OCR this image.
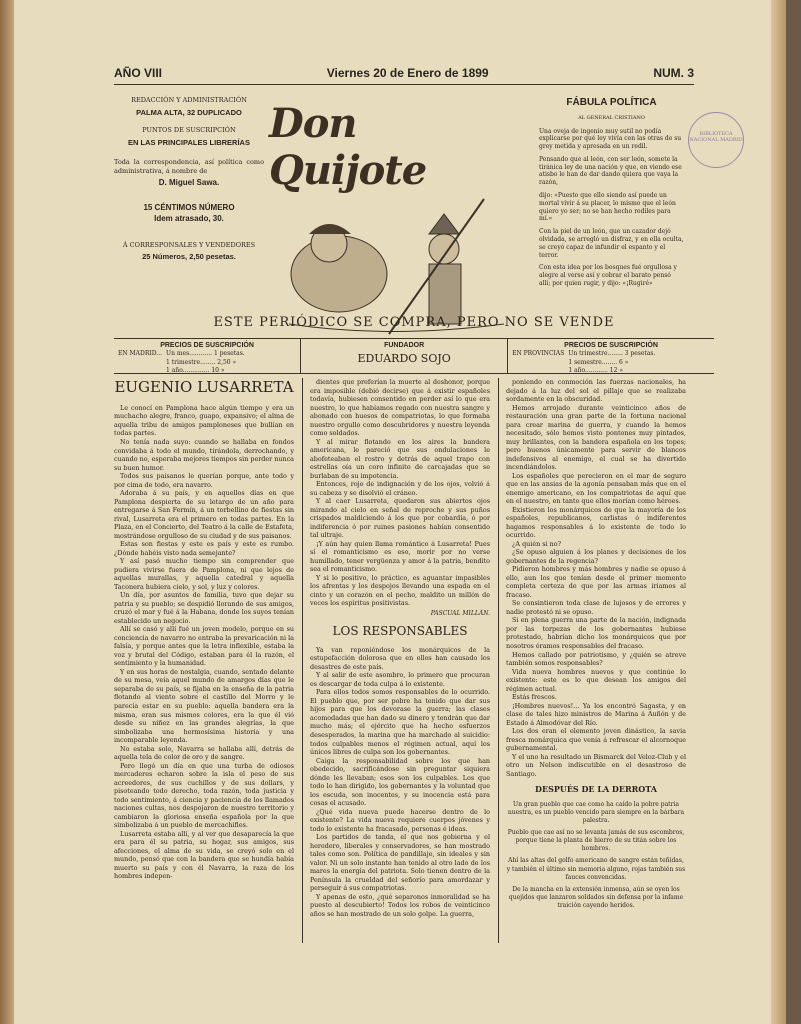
AÑO VIII	Viernes 20 de Enero de 1899	NUM. 3
REDACCIÓN Y ADMINISTRACIÓN
PALMA ALTA, 32 DUPLICADO
PUNTOS DE SUSCRIPCIÓN
EN LAS PRINCIPALES LIBRERÍAS

Toda la correspondencia, así política como administrativa, á nombre de

D. Miguel Sawa.
15 CÉNTIMOS NÚMERO
Idem atrasado, 30.
Á CORRESPONSALES Y VENDEDORES
25 Números, 2,50 pesetas.
Don Quijote
FÁBULA POLÍTICA
AL GENERAL CRISTIANO

Una oveja de ingenio muy sutil no podía explicarse por qué ley vivía con las otras de su grey metida y apresada en un redil.

Pensando que al león, con ser león, somete la tiránica ley de una nación y que, en viendo ese atisbo le han de dar dando quiera que vaya la razón,

dijo: «Puesto que ello siendo así puede un mortal vivir á su placer, lo mismo que el león quiero yo ser; no se han hecho rediles para mí.»

Con la piel de un león, que un cazador dejó olvidada, se arregló un disfraz, y en ella oculta, se creyó capaz de infundir el espanto y el terror.

Con esta idea por los bosques fué orgullosa y alegre al verse así y cobrar el barato pensó allí; por quien rugir, y dijo: «¡Rugiré»

BIBLIOTECA NACIONAL MADRID
ESTE PERIÓDICO SE COMPRA, PERO NO SE VENDE
PRECIOS DE SUSCRIPCIÓN
EN MADRID... Un mes............ 1 pesetas.
1 trimestre........ 2,50 »
1 año.............. 10 »
FUNDADOR
EDUARDO SOJO
PRECIOS DE SUSCRIPCIÓN
EN PROVINCIAS Un trimestre........ 3 pesetas.
1 semestre........ 6 »
1 año............ 12 »
EUGENIO LUSARRETA

Le conocí en Pamplona hace algún tiempo y era un muchacho alegre, franco, guapo, expansivo; el alma de aquella tribu de amigos pamploneses que bullían en todas partes.

No tenía nada suyo: cuando se hallaba en fondos convidaba á todo el mundo, tirándola, derrochando, y cuando no, esperaba mejores tiempos sin perder nunca su buen humor.

Todos sus paisanos le querían porque, ante todo y por cima de todo, era navarro.

Adoraba á su país, y en aquellos días en que Pamplona despierta de su letargo de un año para entregarse á San Fermín, á un torbellino de fiestas sin rival, Lusarreta era el primero en todas partes. En la Plaza, en el Concierto, del Teatro á la calle de Estafeta, mostrándose orgulloso de su ciudad y de sus paisanos.

Estas son fiestas y este es país y este es rumbo. ¿Dónde habéis visto nada semejante?

Y así pasó mucho tiempo sin comprender que pudiera vivirse fuera de Pamplona, ni que lejos de aquellas murallas, y aquella catedral y aquella Taconera hubiera cielo, y sol, y luz y colores.

Un día, por asuntos de familia, tuvo que dejar su patria y su pueblo; se despidió llorando de sus amigos, cruzó el mar y fué á la Habana, donde los suyos tenían establecido un negocio.

Allí se casó y allí fué un joven modelo, porque en su conciencia de navarro no entraba la prevaricación ni la falsía, y porque antes que la letra inflexible, estaba la voz y brutal del Código, estaban para él la razón, el sentimiento y la humanidad.

Y en sus horas de nostalgia, cuando, sentado delante de su mesa, veía aquel mundo de amargos días que le separaba de su país, se fijaba en la enseña de la patria flotando al viento sobre el castillo del Morro y le parecía estar en su pueblo: aquella bandera era la misma, eran sus mismos colores, era la que él vió desde su niñez en las grandes alegrías, la que simbolizaba una hermosísima historia y una incomparable leyenda.

No estaba solo, Navarra se hallaba allí, detrás de aquella tela de color de oro y de sangre.

Pero llegó un día en que una turba de odiosos mercaderes echaron sobre la isla el peso de sus acreedores, de sus cuchillos y de sus dollars, y pisoteando todo derecho, toda razón, toda justicia y todo sentimiento, á ciencia y paciencia de los llamados naciones cultas, nos despojaron de nuestro territorio y cambiaron la gloriosa enseña española por la que simbolizaba á un pueblo de mercachifles.

Lusarreta estaba allí, y al ver que desaparecía la que era para él su patria, su hogar, sus amigos, sus afecciones, el alma de su vida, se creyó solo en el mundo, pensó que con la bandera que se hundía había muerto su país y con él Navarra, la raza de los hombres indepen-

dientes que preferían la muerte al deshonor, porque era imposible (debió decirse) que á existir españoles todavía, hubiesen consentido en perder así lo que era nuestro, lo que habíamos regado con nuestra sangre y abonado con huesos de compatriotas, lo que formaba nuestro orgullo como descubridores y nuestra leyenda como soldados.

Y al mirar flotando en los aires la bandera americana, le pareció que sus ondulaciones le abofeteaban el rostro y detrás de aquel trapo con estrellas oía un coro infinito de carcajadas que se burlaban de su impotencia.

Entonces, rojo de indignación y de los ojos, volvió á su cabeza y se disolvió el cráneo.

Y al caer Lusarreta, quedaron sus abiertos ojos mirando al cielo en señal de reproche y sus puños crispados maldiciendo á los que por cobardía, ó por indiferencia ó por ruines pasiones habían consentido tal ultraje.

¡Y aún hay quien llama romántico á Lusarreta! Pues sí el romanticismo es eso, morir por no verse humillado, tener vergüenza y amor á la patria, bendito sea el romanticismo.

Y si lo positivo, lo práctico, es aguantar impasibles los afrentas y los despojos llevando una espada en el cinto y un corazón en el pecho, maldito un millón de veces los espíritus positivistas.

PASCUAL MILLÁN.
LOS RESPONSABLES

Ya van reponiéndose los monárquicos de la estupefacción dolorosa que en ellos han causado los desastres de este país.

Y al salir de este asombro, lo primero que procuran es descargar de toda culpa á lo existente.

Para ellos todos somos responsables de lo ocurrido. El pueblo que, por ser pobre ha tenido que dar sus hijos para que los devorase la guerra; las clases acomodadas que han dado su dinero y tendrán que dar mucho más; el ejército que ha hecho esfuerzos desesperados, la marina que ha marchado al suicidio: todos culpables menos el régimen actual, aquí los únicos libres de culpa son los gobernantes.

Caiga la responsabilidad sobre los que han obedecido, sacrificándose sin preguntar siquiera dónde les llevaban; esos son los culpables. Los que todo lo han dirigido, los gobernantes y la voluntad que los escuda, son inocentes, y su inocencia está para cosas el acusado.

¿Qué vida nueva puede hacerse dentro de lo existente? La vida nueva requiere cuerpos jóvenes y todo lo existente ha fracasado, personas é ideas.

Los partidos de tanda, el que nos gobierna y el heredero, liberales y conservadores, se han mostrado tales como son. Política de pandillaje, sin ideales y sin valor. Ni un solo instante han tenido al otro lado de los mares la energía del patriota. Solo tienen dentro de la Península la crueldad del señorío para amordazar y perseguir á sus compatriotas.

Y apenas de esto, ¿qué separonos inmoralidad se ha puesto al descubierto! Todos los robos de veinticinco años se han mostrado de un solo golpe. La guerra,

poniendo en conmoción las fuerzas nacionales, ha dejado á la luz del sol el pillaje que se realizaba sordamente en la obscuridad.

Hemos arrojado durante veinticinco años de restauración una gran parte de la fortuna nacional para crear marina de guerra, y cuando la hemos necesitado, sólo hemos visto pontones muy pintados, muy brillantes, con la bandera española en los topes; pero buenos únicamente para servir de blancos indefensivos al enemigo, el cual se ha divertido incendiándolos.

Los españoles que perecieron en el mar de seguro que en las ansias de la agonía pensaban más que en el enemigo americano, en los compatriotas de aquí que en el nuestro, en tanto que ellos morían como héroes.

Existieron los monárquicos de que la mayoría de los españoles, republicanos, carlistas ó indiferentes hagamos responsables á lo existente de todo lo ocurrido.

¿A quién si no?

¿Se opuso alguien á los planes y decisiones de los gobernantes de la regencia?

Pidieron hombres y más hombres y nadie se opuso á ello, aun los que tenían desde el primer momento completa certeza de que por las armas iríamos al fracaso.

Se consintieron toda clase de lujosos y de errores y nadie protestó ni se opuso.

Si en plena guerra una parte de la nación, indignada por las torpezas de los gobernantes hubiese protestado, habrían dicho los monárquicos que por nosotros éramos responsables del fracaso.

Hemos callado por patriotismo, y ¿quién se atreve también somos responsables?

Vida nueva hombres nuevos y que continúe lo existente: este es lo que desean los amigos del régimen actual.

Estás frescos.

¡Hombres nuevos!... Ya los encontró Sagasta, y en clase de tales hizo ministros de Marina á Auñón y de Estado á Almodóvar del Río.

Los dos eran el elemento joven dinástico, la savia fresca monárquica que venía á refrescar el alcornoque gubernamental.

Y el uno ha resultado un Bismarck del Veloz-Club y el otro un Nelson indiscutible en el desastroso de Santiago.

DESPUÉS DE LA DERROTA
Un gran pueblo que cae como ha caído la pobre patria nuestra, es un pueblo vencido para siempre en la bárbara palestra.
Pueblo que cae así no se levanta jamás de sus escombros, porque tiene la planta de hierro de su titán sobre los hombros.
Ahí las altas del golfo americano de sangre están teñidas, y también el último sin memoria alguno, rojas también sus fauces convencidas.
De la mancha en la extensión inmensa, aún se oyen los quejidos que lanzaron soldados sin defensa por la infame traición cayendo heridos.
